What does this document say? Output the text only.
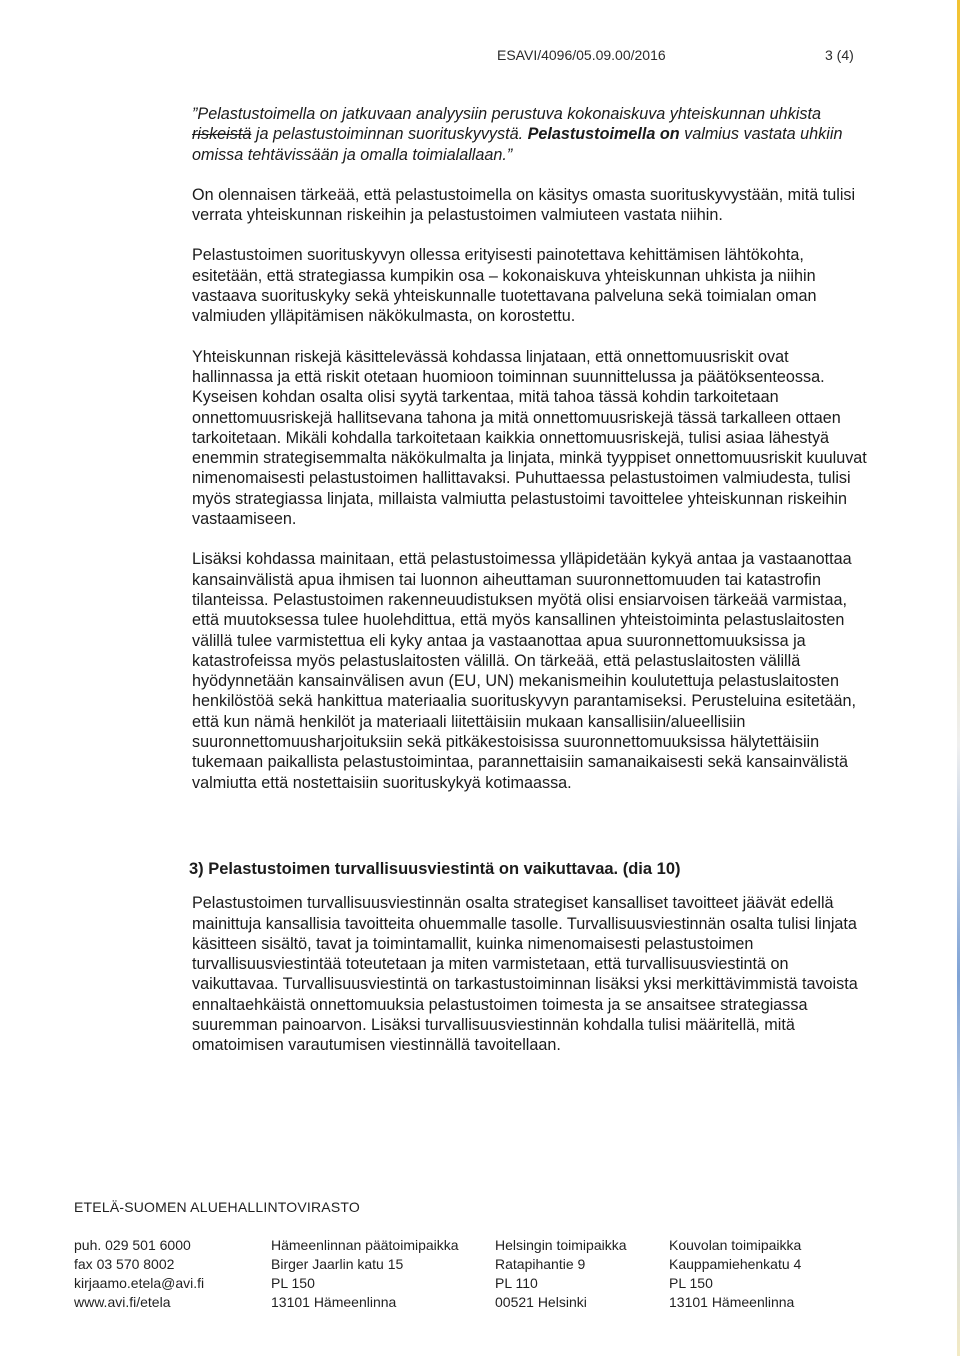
ESAVI/4096/05.09.00/2016	3 (4)

”Pelastustoimella on jatkuvaan analyysiin perustuva kokonaiskuva yhteiskunnan uhkista riskeistä ja pelastustoiminnan suorituskyvystä. Pelastustoimella on valmius vastata uhkiin omissa tehtävissään ja omalla toimialallaan.”

On olennaisen tärkeää, että pelastustoimella on käsitys omasta suorituskyvystään, mitä tulisi verrata yhteiskunnan riskeihin ja pelastustoimen valmiuteen vastata niihin.

Pelastustoimen suorituskyvyn ollessa erityisesti painotettava kehittämisen lähtökohta, esitetään, että strategiassa kumpikin osa – kokonaiskuva yhteiskunnan uhkista ja niihin vastaava suorituskyky sekä yhteiskunnalle tuotettavana palveluna sekä toimialan oman valmiuden ylläpitämisen näkökulmasta, on korostettu.

Yhteiskunnan riskejä käsittelevässä kohdassa linjataan, että onnettomuusriskit ovat hallinnassa ja että riskit otetaan huomioon toiminnan suunnittelussa ja päätöksenteossa. Kyseisen kohdan osalta olisi syytä tarkentaa, mitä tahoa tässä kohdin tarkoitetaan onnettomuusriskejä hallitsevana tahona ja mitä onnettomuusriskejä tässä tarkalleen ottaen tarkoitetaan. Mikäli kohdalla tarkoitetaan kaikkia onnettomuusriskejä, tulisi asiaa lähestyä enemmin strategisemmalta näkökulmalta ja linjata, minkä tyyppiset onnettomuusriskit kuuluvat nimenomaisesti pelastustoimen hallittavaksi. Puhuttaessa pelastustoimen valmiudesta, tulisi myös strategiassa linjata, millaista valmiutta pelastustoimi tavoittelee yhteiskunnan riskeihin vastaamiseen.

Lisäksi kohdassa mainitaan, että pelastustoimessa ylläpidetään kykyä antaa ja vastaanottaa kansainvälistä apua ihmisen tai luonnon aiheuttaman suuronnettomuuden tai katastrofin tilanteissa. Pelastustoimen rakenneuudistuksen myötä olisi ensiarvoisen tärkeää varmistaa, että muutoksessa tulee huolehdittua, että myös kansallinen yhteistoiminta pelastuslaitosten välillä tulee varmistettua eli kyky antaa ja vastaanottaa apua suuronnettomuuksissa ja katastrofeissa myös pelastuslaitosten välillä. On tärkeää, että pelastuslaitosten välillä hyödynnetään kansainvälisen avun (EU, UN) mekanismeihin koulutettuja pelastuslaitosten henkilöstöä sekä hankittua materiaalia suorituskyvyn parantamiseksi. Perusteluina esitetään, että kun nämä henkilöt ja materiaali liitettäisiin mukaan kansallisiin/alueellisiin suuronnettomuusharjoituksiin sekä pitkäkestoisissa suuronnettomuuksissa hälytettäisiin tukemaan paikallista pelastustoimintaa, parannettaisiin samanaikaisesti sekä kansainvälistä valmiutta että nostettaisiin suorituskykyä kotimaassa.

3) Pelastustoimen turvallisuusviestintä on vaikuttavaa. (dia 10)

Pelastustoimen turvallisuusviestinnän osalta strategiset kansalliset tavoitteet jäävät edellä mainittuja kansallisia tavoitteita ohuemmalle tasolle. Turvallisuusviestinnän osalta tulisi linjata käsitteen sisältö, tavat ja toimintamallit, kuinka nimenomaisesti pelastustoimen turvallisuusviestintää toteutetaan ja miten varmistetaan, että turvallisuusviestintä on vaikuttavaa. Turvallisuusviestintä on tarkastustoiminnan lisäksi yksi merkittävimmistä tavoista ennaltaehkäistä onnettomuuksia pelastustoimen toimesta ja se ansaitsee strategiassa suuremman painoarvon. Lisäksi turvallisuusviestinnän kohdalla tulisi määritellä, mitä omatoimisen varautumisen viestinnällä tavoitellaan.

ETELÄ-SUOMEN ALUEHALLINTOVIRASTO

puh. 029 501 6000
fax 03 570 8002
kirjaamo.etela@avi.fi
www.avi.fi/etela
Hämeenlinnan päätoimipaikka
Birger Jaarlin katu 15
PL 150
13101 Hämeenlinna
Helsingin toimipaikka
Ratapihantie 9
PL 110
00521 Helsinki
Kouvolan toimipaikka
Kauppamiehenkatu 4
PL 150
13101 Hämeenlinna
